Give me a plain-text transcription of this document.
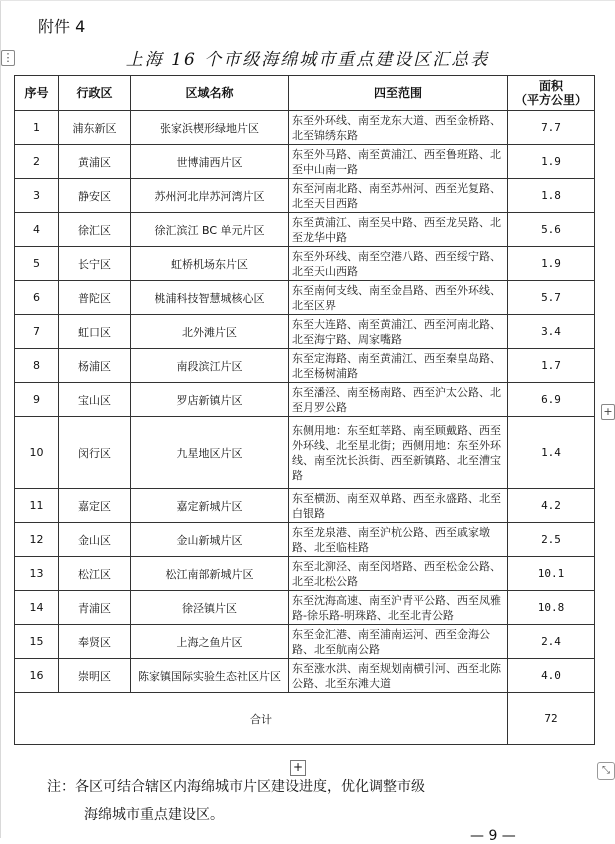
⋮
+
附件 4
上海 16 个市级海绵城市重点建设区汇总表
序号	行政区	区域名称	四至范围	面积
（平方公里）
1	浦东新区	张家浜楔形绿地片区	东至外环线、南至龙东大道、西至金桥路、北至锦绣东路	7.7
2	黄浦区	世博浦西片区	东至外马路、南至黄浦江、西至鲁班路、北至中山南一路	1.9
3	静安区	苏州河北岸苏河湾片区	东至河南北路、南至苏州河、西至光复路、北至天目西路	1.8
4	徐汇区	徐汇滨江 BC 单元片区	东至黄浦江、南至吴中路、西至龙吴路、北至龙华中路	5.6
5	长宁区	虹桥机场东片区	东至外环线、南至空港八路、西至绥宁路、北至天山西路	1.9
6	普陀区	桃浦科技智慧城核心区	东至南何支线、南至金昌路、西至外环线、北至区界	5.7
7	虹口区	北外滩片区	东至大连路、南至黄浦江、西至河南北路、北至海宁路、周家嘴路	3.4
8	杨浦区	南段滨江片区	东至定海路、南至黄浦江、西至秦皇岛路、北至杨树浦路	1.7
9	宝山区	罗店新镇片区	东至潘泾、南至杨南路、西至沪太公路、北至月罗公路	6.9
10	闵行区	九星地区片区	东侧用地：东至虹莘路、南至顾戴路、西至外环线、北至星北街；西侧用地：东至外环线、南至沈长浜街、西至新镇路、北至漕宝路	1.4
11	嘉定区	嘉定新城片区	东至横沥、南至双单路、西至永盛路、北至白银路	4.2
12	金山区	金山新城片区	东至龙泉港、南至沪杭公路、西至戚家墩路、北至临桂路	2.5
13	松江区	松江南部新城片区	东至北泖泾、南至闵塔路、西至松金公路、北至北松公路	10.1
14	青浦区	徐泾镇片区	东至沈海高速、南至沪青平公路、西至凤雅路-徐乐路-明珠路、北至北青公路	10.8
15	奉贤区	上海之鱼片区	东至金汇港、南至浦南运河、西至金海公路、北至航南公路	2.4
16	崇明区	陈家镇国际实验生态社区片区	东至涨水洪、南至规划南横引河、西至北陈公路、北至东滩大道	4.0
合计				72
+
注：各区可结合辖区内海绵城市片区建设进度，优化调整市级
海绵城市重点建设区。
— 9 —
⤡
